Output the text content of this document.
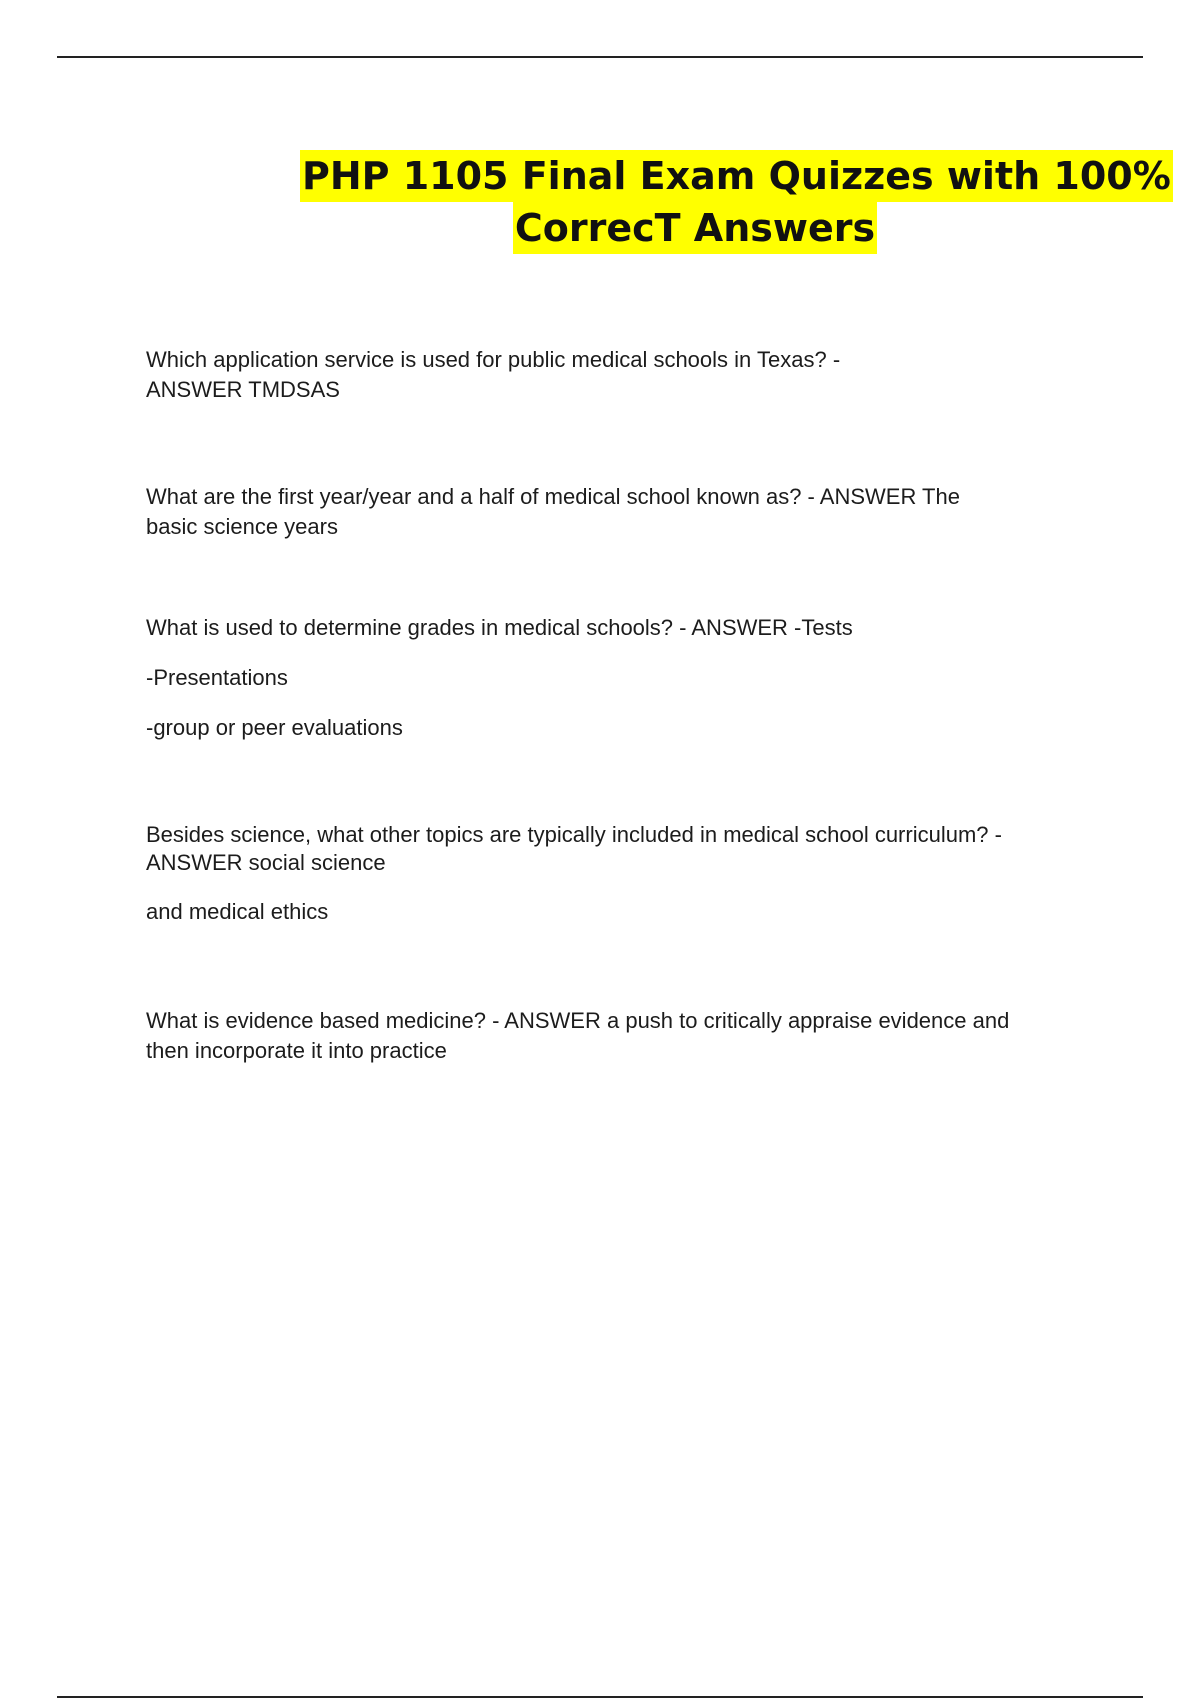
PHP 1105 Final Exam Quizzes with 100%
CorrecT Answers

Which application service is used for public medical schools in Texas? -

ANSWER TMDSAS

What are the first year/year and a half of medical school known as? - ANSWER The

basic science years

What is used to determine grades in medical schools? - ANSWER -Tests

-Presentations

-group or peer evaluations

Besides science, what other topics are typically included in medical school curriculum? -

ANSWER social science

and medical ethics

What is evidence based medicine? - ANSWER a push to critically appraise evidence and

then incorporate it into practice
